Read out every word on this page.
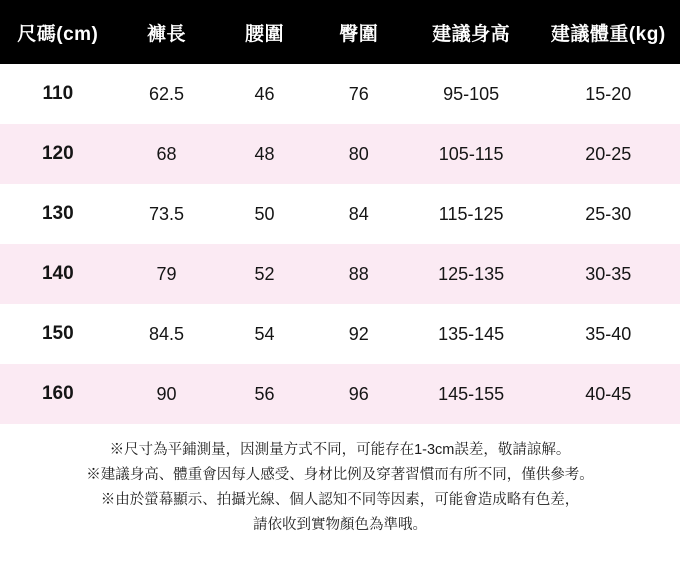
尺碼(cm)	褲長	腰圍	臀圍	建議身高	建議體重(kg)
110	62.5	46	76	95-105	15-20
120	68	48	80	105-115	20-25
130	73.5	50	84	115-125	25-30
140	79	52	88	125-135	30-35
150	84.5	54	92	135-145	35-40
160	90	56	96	145-155	40-45
※尺寸為平鋪測量，因測量方式不同，可能存在1-3cm誤差，敬請諒解。
※建議身高、體重會因每人感受、身材比例及穿著習慣而有所不同，僅供參考。
※由於螢幕顯示、拍攝光線、個人認知不同等因素，可能會造成略有色差，
請依收到實物顏色為準哦。
